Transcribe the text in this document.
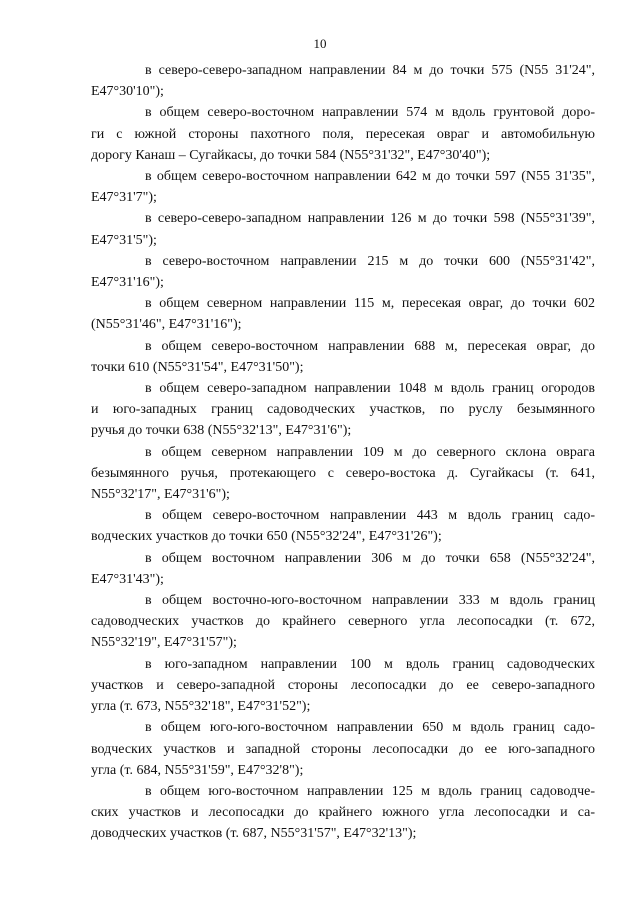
10

в северо-северо-западном направлении 84 м до точки 575 (N55 31'24",
Е47°30'10");

в общем северо-восточном направлении 574 м вдоль грунтовой доро-
ги с южной стороны пахотного поля, пересекая овраг и автомобильную
дорогу Канаш – Сугайкасы, до точки 584 (N55°31'32", Е47°30'40");

в общем северо-восточном направлении 642 м до точки 597 (N55 31'35",
Е47°31'7");

в северо-северо-западном направлении 126 м до точки 598 (N55°31'39",
Е47°31'5");

в северо-восточном направлении 215 м до точки 600 (N55°31'42",
Е47°31'16");

в общем северном направлении 115 м, пересекая овраг, до точки 602
(N55°31'46", Е47°31'16");

в общем северо-восточном направлении 688 м, пересекая овраг, до
точки 610 (N55°31'54", Е47°31'50");

в общем северо-западном направлении 1048 м вдоль границ огородов
и юго-западных границ садоводческих участков, по руслу безымянного
ручья до точки 638 (N55°32'13", Е47°31'6");

в общем северном направлении 109 м до северного склона оврага
безымянного ручья, протекающего с северо-востока д. Сугайкасы (т. 641,
N55°32'17", Е47°31'6");

в общем северо-восточном направлении 443 м вдоль границ садо-
водческих участков до точки 650 (N55°32'24", Е47°31'26");

в общем восточном направлении 306 м до точки 658 (N55°32'24",
Е47°31'43");

в общем восточно-юго-восточном направлении 333 м вдоль границ
садоводческих участков до крайнего северного угла лесопосадки (т. 672,
N55°32'19", Е47°31'57");

в юго-западном направлении 100 м вдоль границ садоводческих
участков и северо-западной стороны лесопосадки до ее северо-западного
угла (т. 673, N55°32'18", Е47°31'52");

в общем юго-юго-восточном направлении 650 м вдоль границ садо-
водческих участков и западной стороны лесопосадки до ее юго-западного
угла (т. 684, N55°31'59", Е47°32'8");

в общем юго-восточном направлении 125 м вдоль границ садоводче-
ских участков и лесопосадки до крайнего южного угла лесопосадки и са-
доводческих участков (т. 687, N55°31'57", Е47°32'13");
